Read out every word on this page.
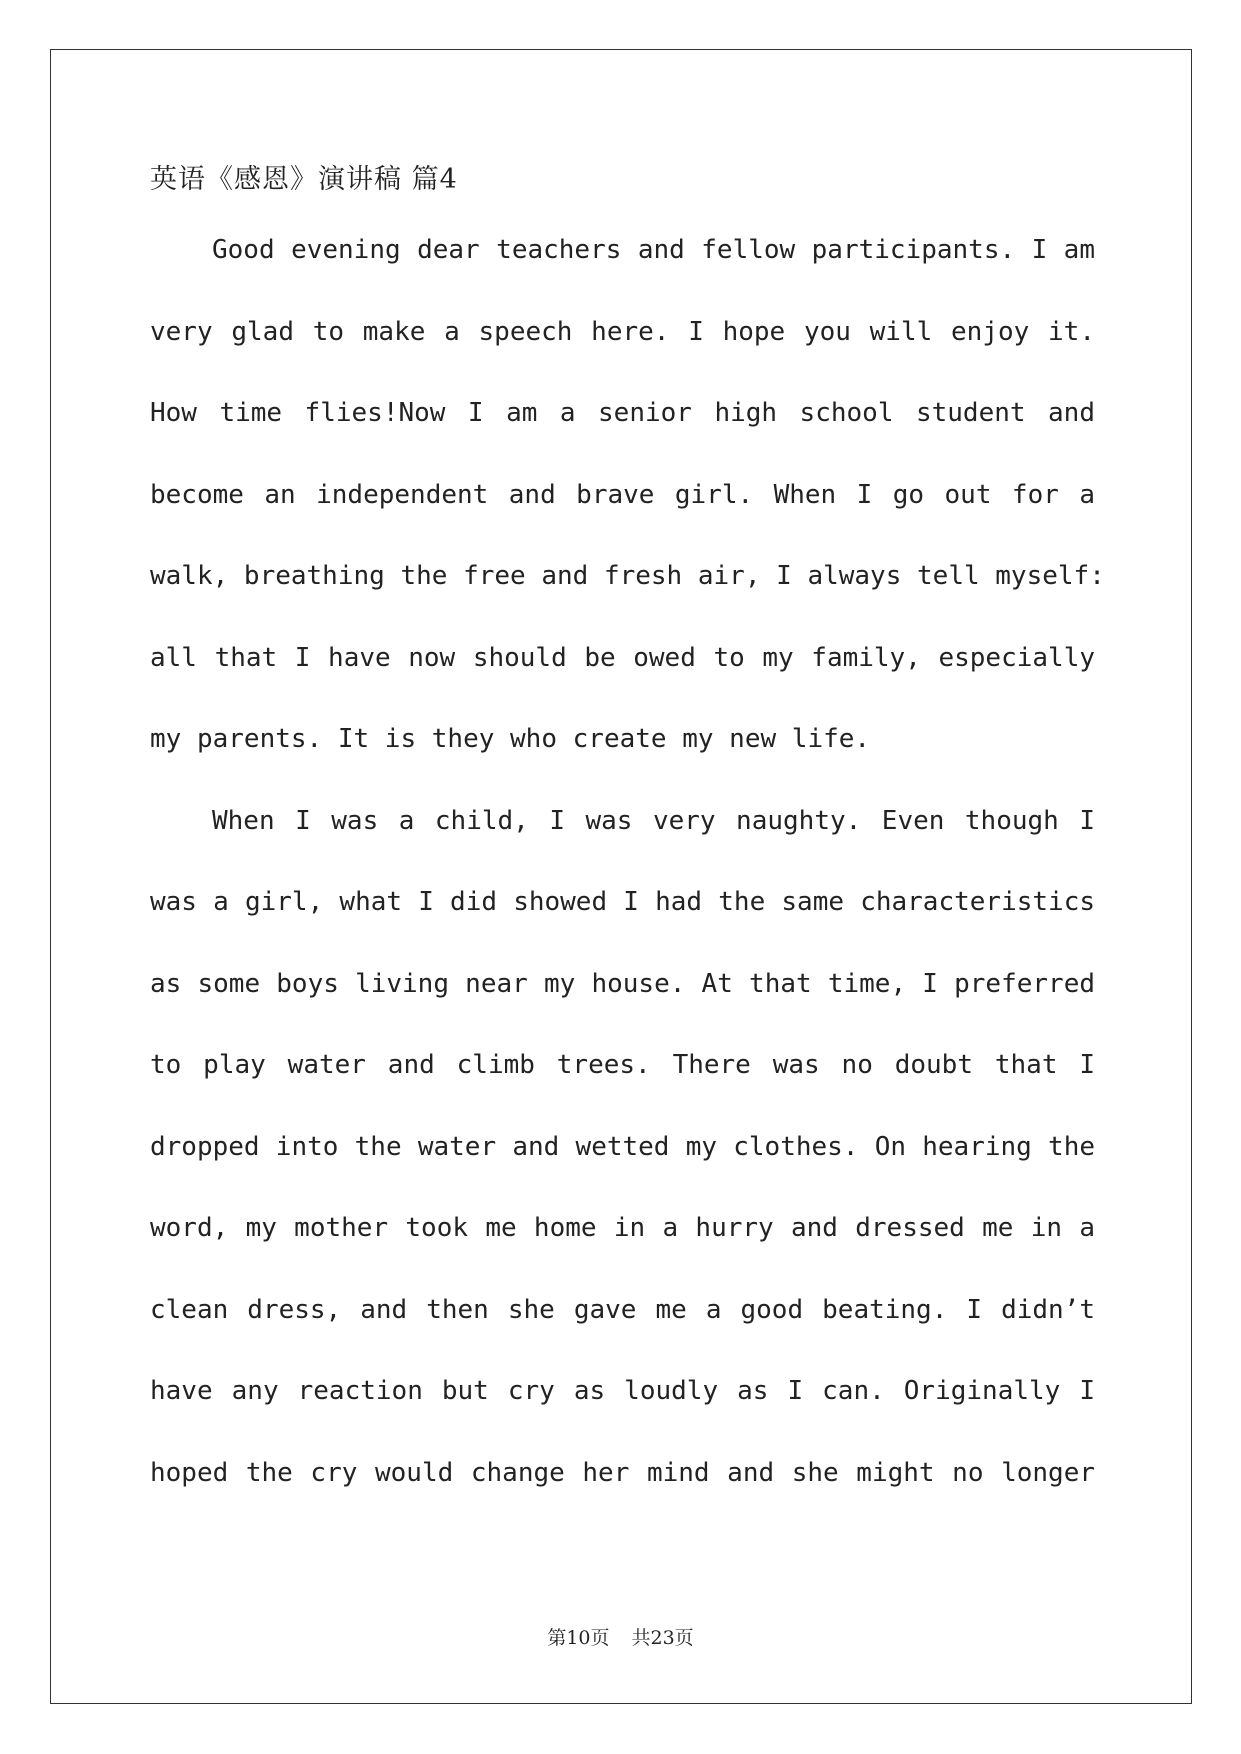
英语《感恩》演讲稿 篇4
Good evening dear teachers and fellow participants. I am
very glad to make a speech here. I hope you will enjoy it.
How time flies!Now I am a senior high school student and
become an independent and brave girl. When I go out for a
walk, breathing the free and fresh air, I always tell myself:
all that I have now should be owed to my family, especially
my parents. It is they who create my new life.
When I was a child, I was very naughty. Even though I
was a girl, what I did showed I had the same characteristics
as some boys living near my house. At that time, I preferred
to play water and climb trees. There was no doubt that I
dropped into the water and wetted my clothes. On hearing the
word, my mother took me home in a hurry and dressed me in a
clean dress, and then she gave me a good beating. I didn’t
have any reaction but cry as loudly as I can. Originally I
hoped the cry would change her mind and she might no longer
第10页 共23页
